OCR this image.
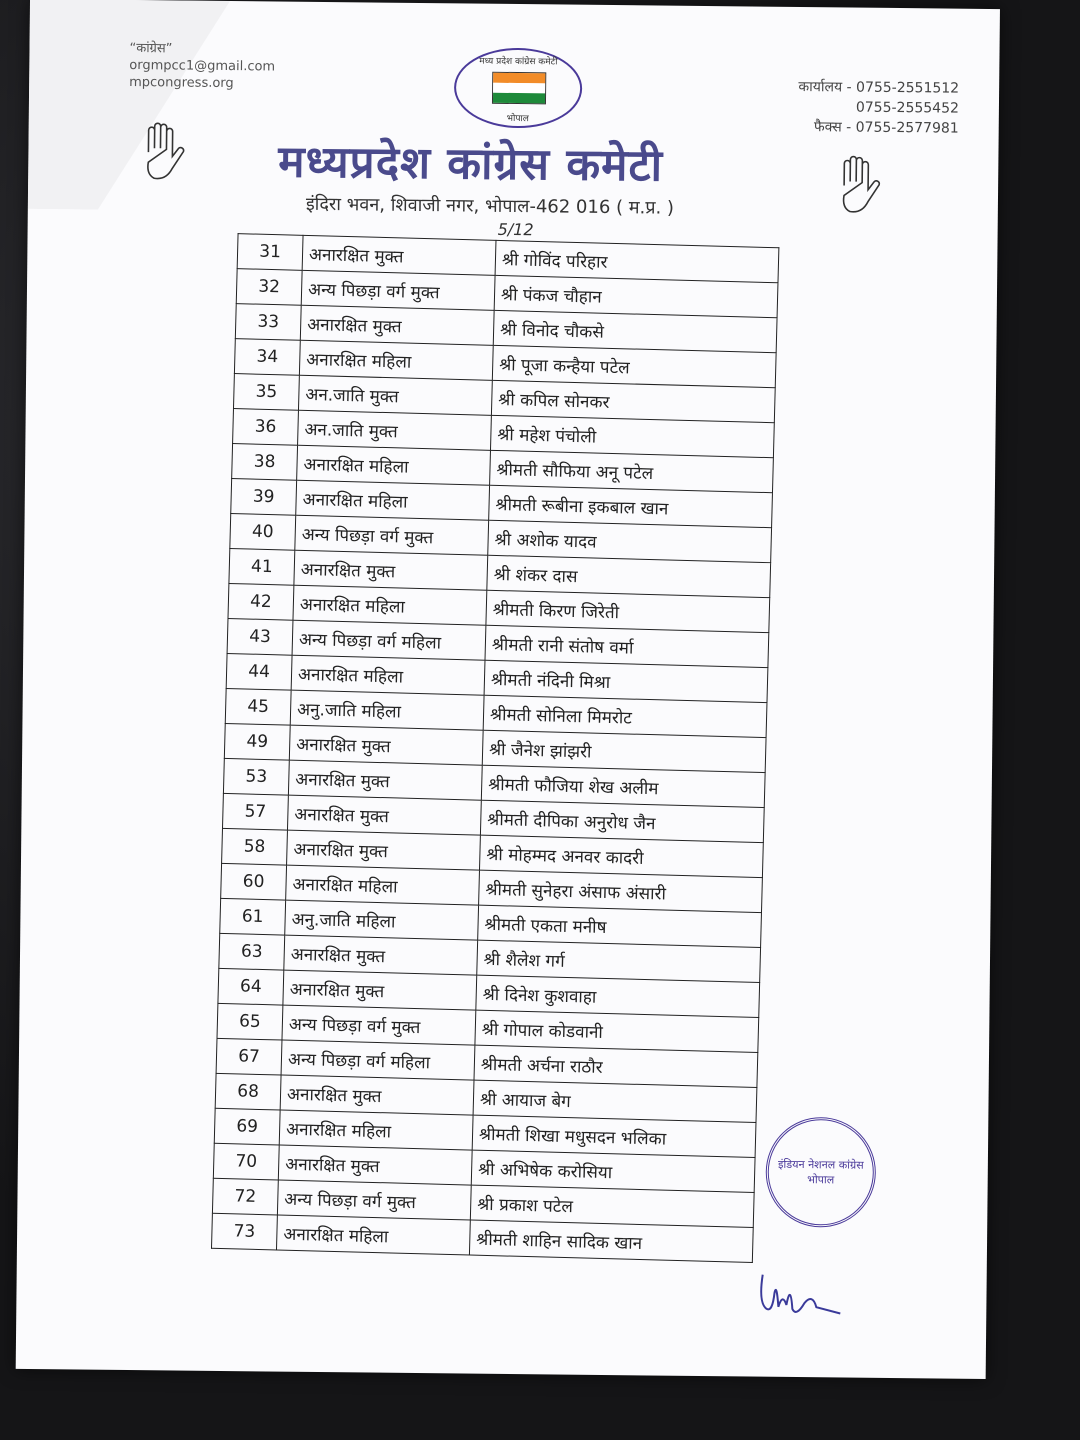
“कांग्रेस”
orgmpcc1@gmail.com
mpcongress.org
मध्य प्रदेश कांग्रेस कमेटी
भोपाल
कार्यालय - 0755-2551512
0755-2555452
फैक्स - 0755-2577981
मध्यप्रदेश कांग्रेस कमेटी
इंदिरा भवन, शिवाजी नगर, भोपाल-462 016 ( म.प्र. )
5/12
31	अनारक्षित मुक्त	श्री गोविंद परिहार
32	अन्य पिछड़ा वर्ग मुक्त	श्री पंकज चौहान
33	अनारक्षित मुक्त	श्री विनोद चौकसे
34	अनारक्षित महिला	श्री पूजा कन्हैया पटेल
35	अन.जाति मुक्त	श्री कपिल सोनकर
36	अन.जाति मुक्त	श्री महेश पंचोली
38	अनारक्षित महिला	श्रीमती सौफिया अनू पटेल
39	अनारक्षित महिला	श्रीमती रूबीना इकबाल खान
40	अन्य पिछड़ा वर्ग मुक्त	श्री अशोक यादव
41	अनारक्षित मुक्त	श्री शंकर दास
42	अनारक्षित महिला	श्रीमती किरण जिरेती
43	अन्य पिछड़ा वर्ग महिला	श्रीमती रानी संतोष वर्मा
44	अनारक्षित महिला	श्रीमती नंदिनी मिश्रा
45	अनु.जाति महिला	श्रीमती सोनिला मिमरोट
49	अनारक्षित मुक्त	श्री जैनेश झांझरी
53	अनारक्षित मुक्त	श्रीमती फौजिया शेख अलीम
57	अनारक्षित मुक्त	श्रीमती दीपिका अनुरोध जैन
58	अनारक्षित मुक्त	श्री मोहम्मद अनवर कादरी
60	अनारक्षित महिला	श्रीमती सुनेहरा अंसाफ अंसारी
61	अनु.जाति महिला	श्रीमती एकता मनीष
63	अनारक्षित मुक्त	श्री शैलेश गर्ग
64	अनारक्षित मुक्त	श्री दिनेश कुशवाहा
65	अन्य पिछड़ा वर्ग मुक्त	श्री गोपाल कोडवानी
67	अन्य पिछड़ा वर्ग महिला	श्रीमती अर्चना राठौर
68	अनारक्षित मुक्त	श्री आयाज बेग
69	अनारक्षित महिला	श्रीमती शिखा मधुसदन भलिका
70	अनारक्षित मुक्त	श्री अभिषेक करोसिया
72	अन्य पिछड़ा वर्ग मुक्त	श्री प्रकाश पटेल
73	अनारक्षित महिला	श्रीमती शाहिन सादिक खान
इंडियन नेशनल कांग्रेस भोपाल
